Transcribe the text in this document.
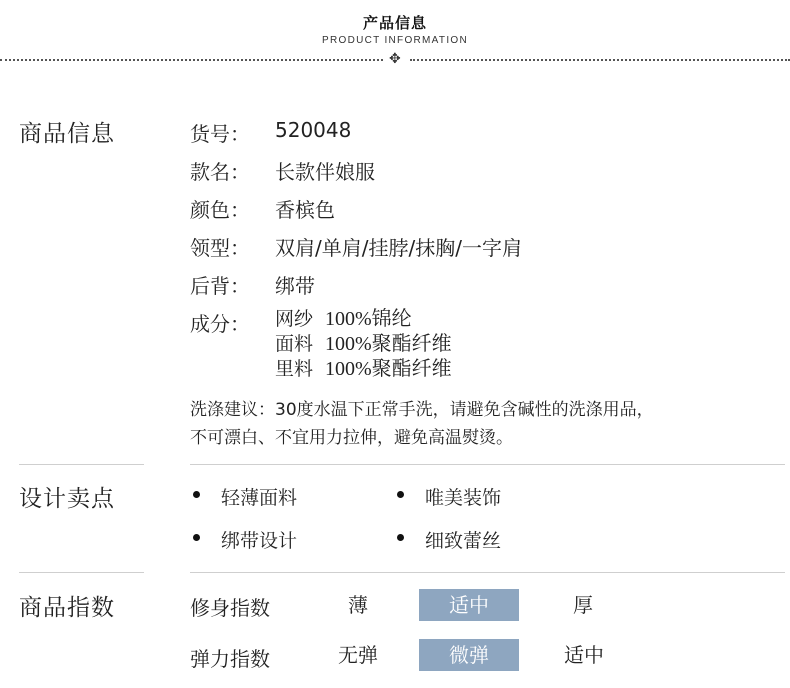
产品信息
PRODUCT INFORMATION
✥
商品信息	货号： 520048
款名： 长款伴娘服
颜色： 香槟色
领型： 双肩/单肩/挂脖/抹胸/一字肩
后背： 绑带
成分： 网纱 100%锦纶
面料 100%聚酯纤维
里料 100%聚酯纤维
洗涤建议：30度水温下正常手洗，请避免含碱性的洗涤用品，
不可漂白、不宜用力拉伸，避免高温熨烫。
设计卖点	轻薄面料	唯美装饰
绑带设计	细致蕾丝
商品指数	修身指数	薄	适中	厚
弹力指数	无弹	微弹	适中
